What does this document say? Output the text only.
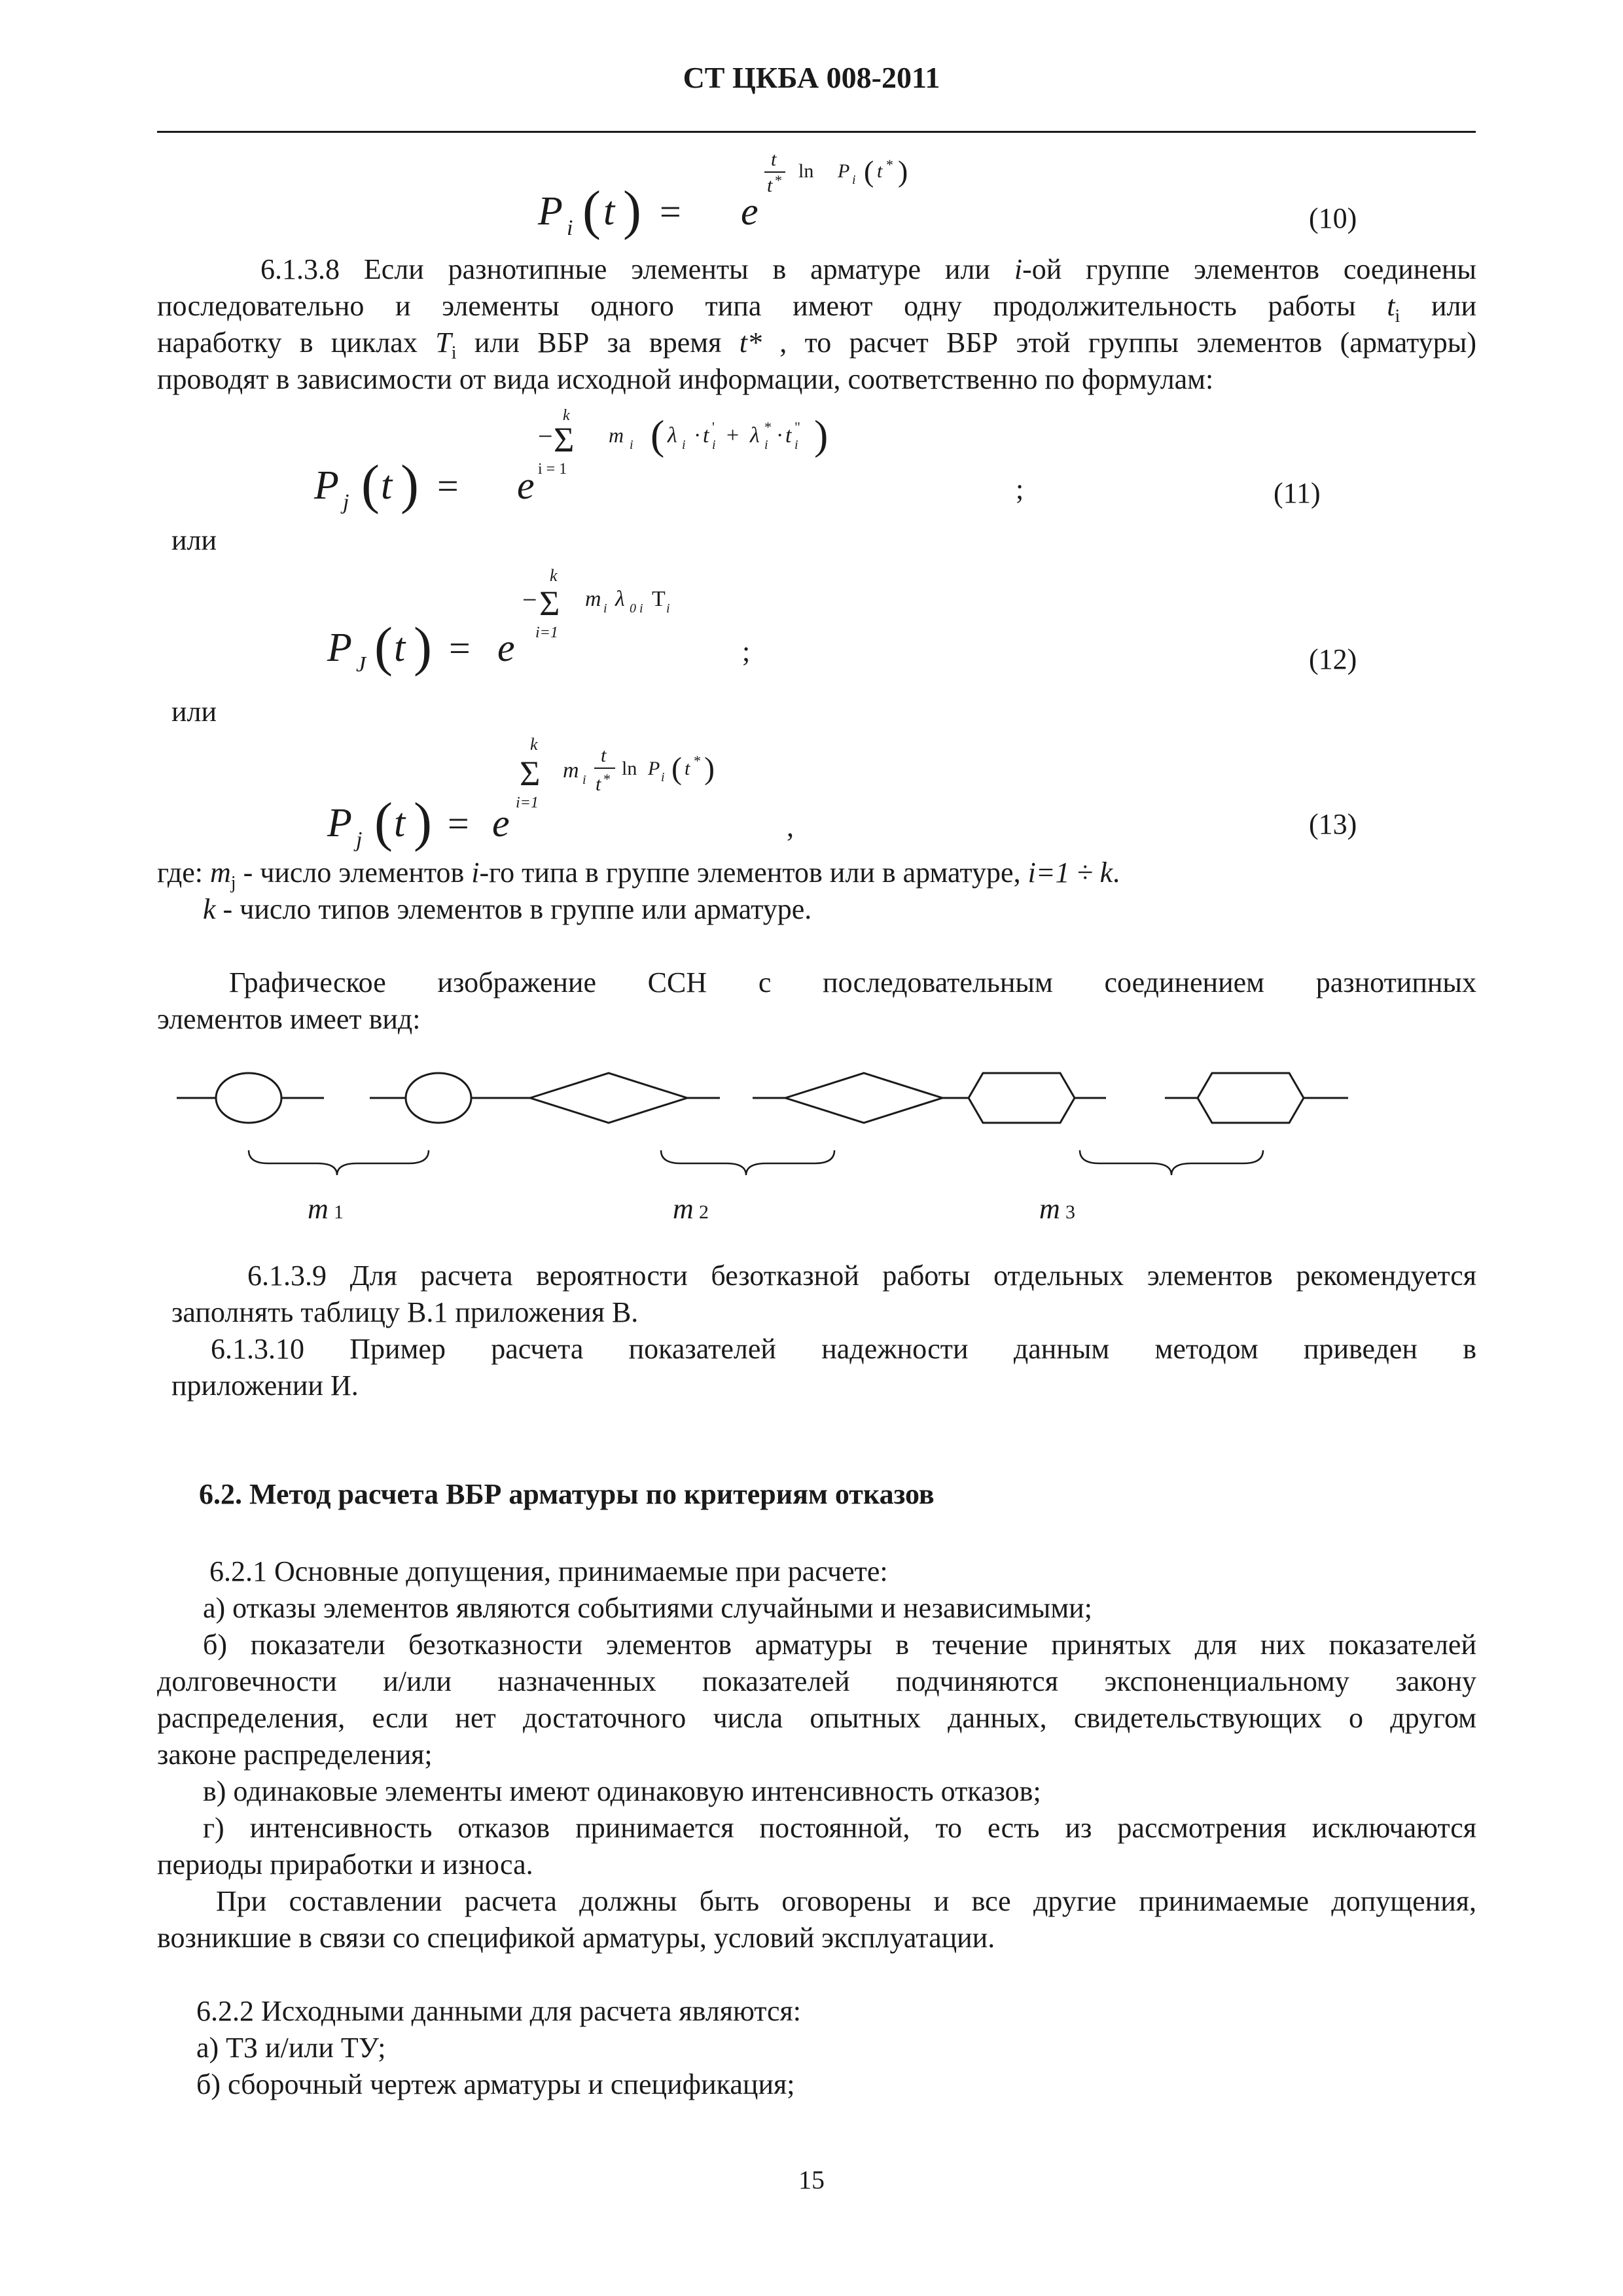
СТ ЦКБА 008-2011
P i ( t ) = e
t
t * ln P i ( t * )
(10)
6.1.3.8 Если разнотипные элементы в арматуре или i-ой группе элементов соединены
последовательно и элементы одного типа имеют одну продолжительность работы $t_i$ или
наработку в циклах $T_i$ или ВБР за время t* , то расчет ВБР этой группы элементов (арматуры)
проводят в зависимости от вида исходной информации, соответственно по формулам:
P j ( t ) = e
−
k
Σ
i = 1
m i ( λ i · t '
i + λ *
i · t "
i )
;	(11)
или
P J ( t ) = e
−
k
Σ
i=1
m i λ 0 i T i
;	(12)
или
P j ( t ) = e
k
Σ
i=1
m i
t
t * ln P i ( t * )
,	(13)
где: $m_j$ - число элементов i-го типа в группе элементов или в арматуре, i=1 ÷ k.
k - число типов элементов в группе или арматуре.
Графическое изображение ССН с последовательным соединением разнотипных
элементов имеет вид:
m 1	m 2	m 3
6.1.3.9 Для расчета вероятности безотказной работы отдельных элементов рекомендуется
заполнять таблицу В.1 приложения В.
6.1.3.10 Пример расчета показателей надежности данным методом приведен в
приложении И.
6.2. Метод расчета ВБР арматуры по критериям отказов
6.2.1 Основные допущения, принимаемые при расчете:
а) отказы элементов являются событиями случайными и независимыми;
б) показатели безотказности элементов арматуры в течение принятых для них показателей
долговечности и/или назначенных показателей подчиняются экспоненциальному закону
распределения, если нет достаточного числа опытных данных, свидетельствующих о другом
законе распределения;
в) одинаковые элементы имеют одинаковую интенсивность отказов;
г) интенсивность отказов принимается постоянной, то есть из рассмотрения исключаются
периоды приработки и износа.
При составлении расчета должны быть оговорены и все другие принимаемые допущения,
возникшие в связи со спецификой арматуры, условий эксплуатации.
6.2.2 Исходными данными для расчета являются:
а) ТЗ и/или ТУ;
б) сборочный чертеж арматуры и спецификация;
15
